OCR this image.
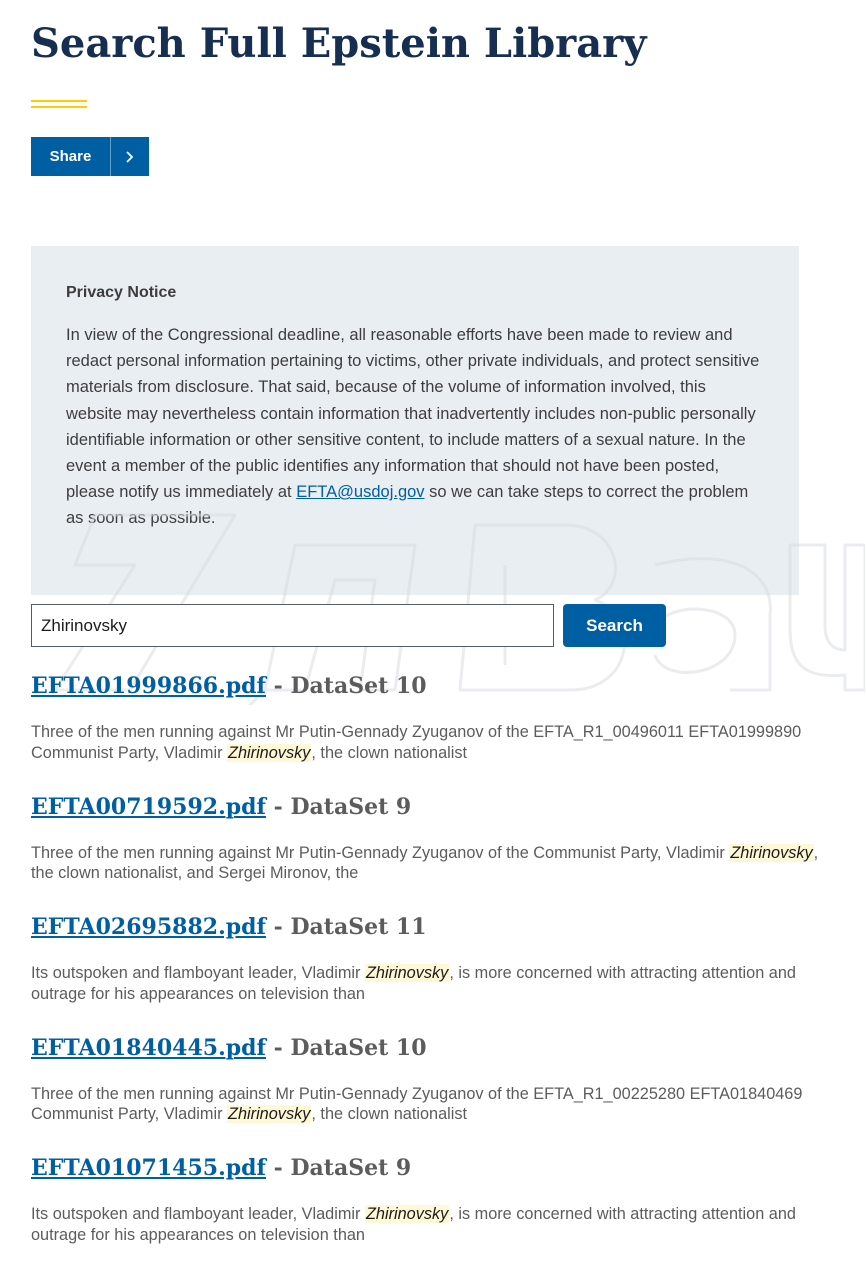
Search Full Epstein Library
Share

Privacy Notice

In view of the Congressional deadline, all reasonable efforts have been made to review and redact personal information pertaining to victims, other private individuals, and protect sensitive materials from disclosure. That said, because of the volume of information involved, this website may nevertheless contain information that inadvertently includes non-public personally identifiable information or other sensitive content, to include matters of a sexual nature. In the event a member of the public identifies any information that should not have been posted, please notify us immediately at EFTA@usdoj.gov so we can take steps to correct the problem as soon as possible.

Zhirinovsky
Search
EFTA01999866.pdf - DataSet 10

Three of the men running against Mr Putin-Gennady Zyuganov of the EFTA_R1_00496011 EFTA01999890 Communist Party, Vladimir Zhirinovsky, the clown nationalist

EFTA00719592.pdf - DataSet 9

Three of the men running against Mr Putin-Gennady Zyuganov of the Communist Party, Vladimir Zhirinovsky, the clown nationalist, and Sergei Mironov, the

EFTA02695882.pdf - DataSet 11

Its outspoken and flamboyant leader, Vladimir Zhirinovsky, is more concerned with attracting attention and outrage for his appearances on television than

EFTA01840445.pdf - DataSet 10

Three of the men running against Mr Putin-Gennady Zyuganov of the EFTA_R1_00225280 EFTA01840469 Communist Party, Vladimir Zhirinovsky, the clown nationalist

EFTA01071455.pdf - DataSet 9

Its outspoken and flamboyant leader, Vladimir Zhirinovsky, is more concerned with attracting attention and outrage for his appearances on television than
